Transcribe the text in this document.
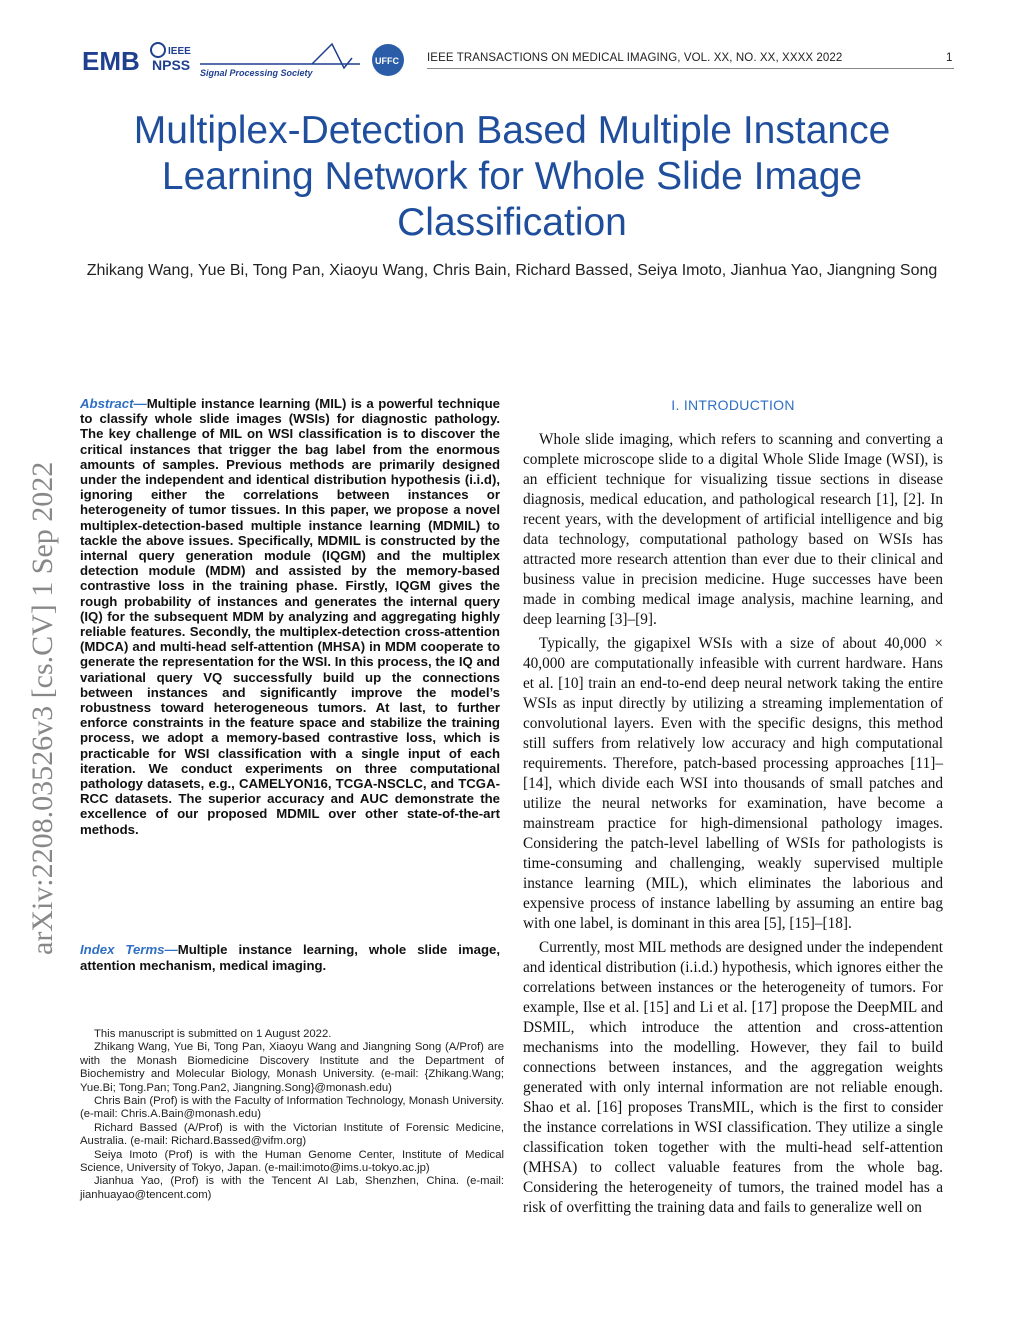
EMB	IEEE
NPSS Signal Processing Society
UFFC IEEE TRANSACTIONS ON MEDICAL IMAGING, VOL. XX, NO. XX, XXXX 2022	1
Multiplex-Detection Based Multiple Instance Learning Network for Whole Slide Image Classification
Zhikang Wang, Yue Bi, Tong Pan, Xiaoyu Wang, Chris Bain, Richard Bassed, Seiya Imoto, Jianhua Yao, Jiangning Song
arXiv:2208.03526v3 [cs.CV] 1 Sep 2022
Abstract—Multiple instance learning (MIL) is a powerful technique to classify whole slide images (WSIs) for diagnostic pathology. The key challenge of MIL on WSI classification is to discover the critical instances that trigger the bag label from the enormous amounts of samples. Previous methods are primarily designed under the independent and identical distribution hypothesis (i.i.d), ignoring either the correlations between instances or heterogeneity of tumor tissues. In this paper, we propose a novel multiplex-detection-based multiple instance learning (MDMIL) to tackle the above issues. Specifically, MDMIL is constructed by the internal query generation module (IQGM) and the multiplex detection module (MDM) and assisted by the memory-based contrastive loss in the training phase. Firstly, IQGM gives the rough probability of instances and generates the internal query (IQ) for the subsequent MDM by analyzing and aggregating highly reliable features. Secondly, the multiplex-detection cross-attention (MDCA) and multi-head self-attention (MHSA) in MDM cooperate to generate the representation for the WSI. In this process, the IQ and variational query VQ successfully build up the connections between instances and significantly improve the model’s robustness toward heterogeneous tumors. At last, to further enforce constraints in the feature space and stabilize the training process, we adopt a memory-based contrastive loss, which is practicable for WSI classification with a single input of each iteration. We conduct experiments on three computational pathology datasets, e.g., CAMELYON16, TCGA-NSCLC, and TCGA-RCC datasets. The superior accuracy and AUC demonstrate the excellence of our proposed MDMIL over other state-of-the-art methods.
Index Terms—Multiple instance learning, whole slide image, attention mechanism, medical imaging.

This manuscript is submitted on 1 August 2022.

Zhikang Wang, Yue Bi, Tong Pan, Xiaoyu Wang and Jiangning Song (A/Prof) are with the Monash Biomedicine Discovery Institute and the Department of Biochemistry and Molecular Biology, Monash University. (e-mail: {Zhikang.Wang; Yue.Bi; Tong.Pan; Tong.Pan2, Jiangning.Song}@monash.edu)

Chris Bain (Prof) is with the Faculty of Information Technology, Monash University. (e-mail: Chris.A.Bain@monash.edu)

Richard Bassed (A/Prof) is with the Victorian Institute of Forensic Medicine, Australia. (e-mail: Richard.Bassed@vifm.org)

Seiya Imoto (Prof) is with the Human Genome Center, Institute of Medical Science, University of Tokyo, Japan. (e-mail:imoto@ims.u-tokyo.ac.jp)

Jianhua Yao, (Prof) is with the Tencent AI Lab, Shenzhen, China. (e-mail: jianhuayao@tencent.com)

I. INTRODUCTION

Whole slide imaging, which refers to scanning and converting a complete microscope slide to a digital Whole Slide Image (WSI), is an efficient technique for visualizing tissue sections in disease diagnosis, medical education, and pathological research [1], [2]. In recent years, with the development of artificial intelligence and big data technology, computational pathology based on WSIs has attracted more research attention than ever due to their clinical and business value in precision medicine. Huge successes have been made in combing medical image analysis, machine learning, and deep learning [3]–[9].

Typically, the gigapixel WSIs with a size of about 40,000 × 40,000 are computationally infeasible with current hardware. Hans et al. [10] train an end-to-end deep neural network taking the entire WSIs as input directly by utilizing a streaming implementation of convolutional layers. Even with the specific designs, this method still suffers from relatively low accuracy and high computational requirements. Therefore, patch-based processing approaches [11]–[14], which divide each WSI into thousands of small patches and utilize the neural networks for examination, have become a mainstream practice for high-dimensional pathology images. Considering the patch-level labelling of WSIs for pathologists is time-consuming and challenging, weakly supervised multiple instance learning (MIL), which eliminates the laborious and expensive process of instance labelling by assuming an entire bag with one label, is dominant in this area [5], [15]–[18].

Currently, most MIL methods are designed under the independent and identical distribution (i.i.d.) hypothesis, which ignores either the correlations between instances or the heterogeneity of tumors. For example, Ilse et al. [15] and Li et al. [17] propose the DeepMIL and DSMIL, which introduce the attention and cross-attention mechanisms into the modelling. However, they fail to build connections between instances, and the aggregation weights generated with only internal information are not reliable enough. Shao et al. [16] proposes TransMIL, which is the first to consider the instance correlations in WSI classification. They utilize a single classification token together with the multi-head self-attention (MHSA) to collect valuable features from the whole bag. Considering the heterogeneity of tumors, the trained model has a risk of overfitting the training data and fails to generalize well on
